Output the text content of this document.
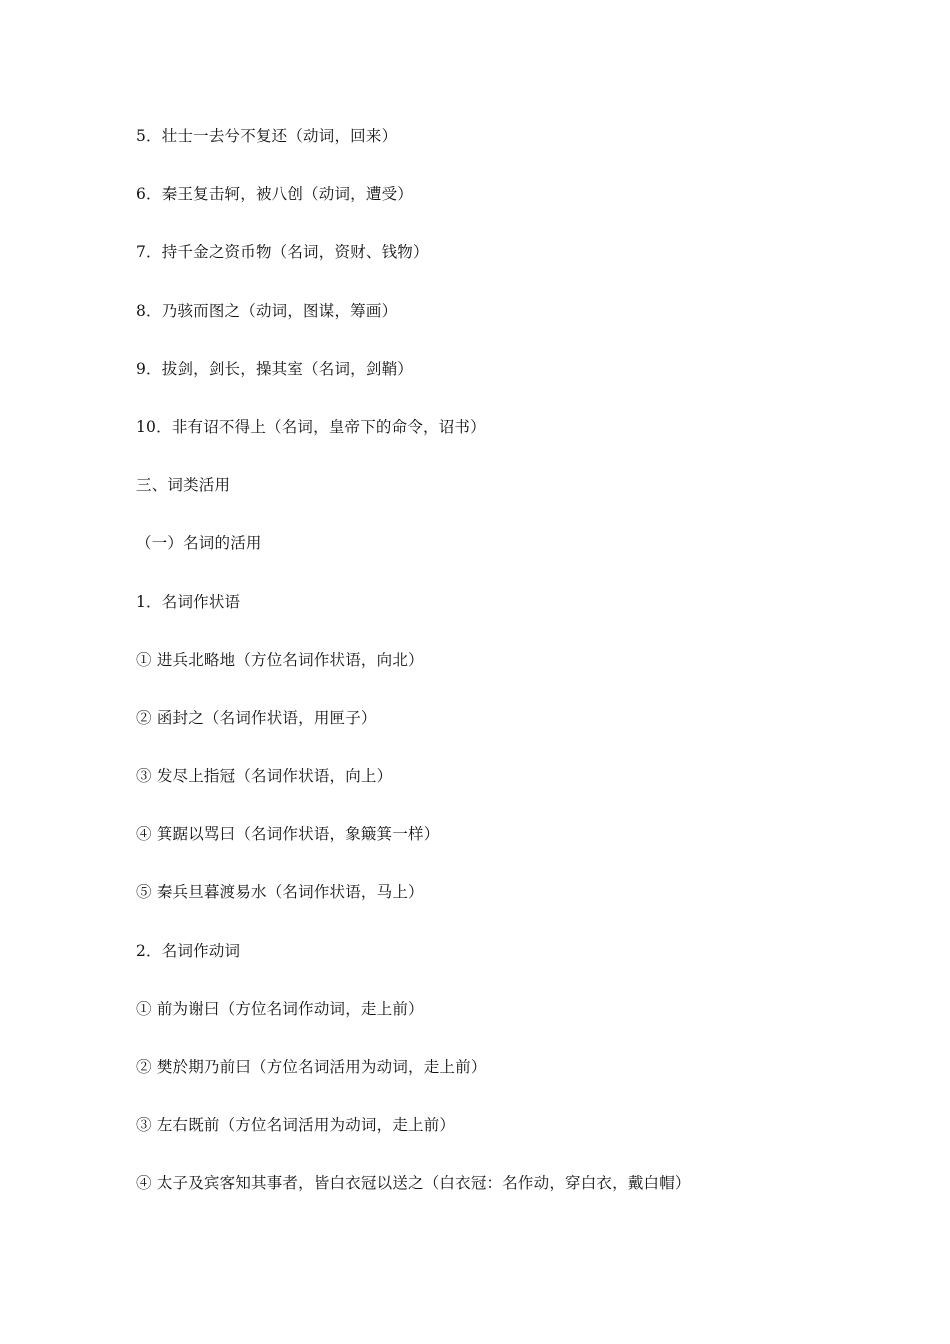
5．壮士一去兮不复还（动词，回来）
6．秦王复击轲，被八创（动词，遭受）
7．持千金之资币物（名词，资财、钱物）
8．乃骇而图之（动词，图谋，筹画）
9．拔剑，剑长，操其室（名词，剑鞘）
10．非有诏不得上（名词，皇帝下的命令，诏书）
三、词类活用
（一）名词的活用
1．名词作状语
① 进兵北略地（方位名词作状语，向北）
② 函封之（名词作状语，用匣子）
③ 发尽上指冠（名词作状语，向上）
④ 箕踞以骂曰（名词作状语，象簸箕一样）
⑤ 秦兵旦暮渡易水（名词作状语，马上）
2．名词作动词
① 前为谢曰（方位名词作动词，走上前）
② 樊於期乃前曰（方位名词活用为动词，走上前）
③ 左右既前（方位名词活用为动词，走上前）
④ 太子及宾客知其事者，皆白衣冠以送之（白衣冠：名作动，穿白衣，戴白帽）
